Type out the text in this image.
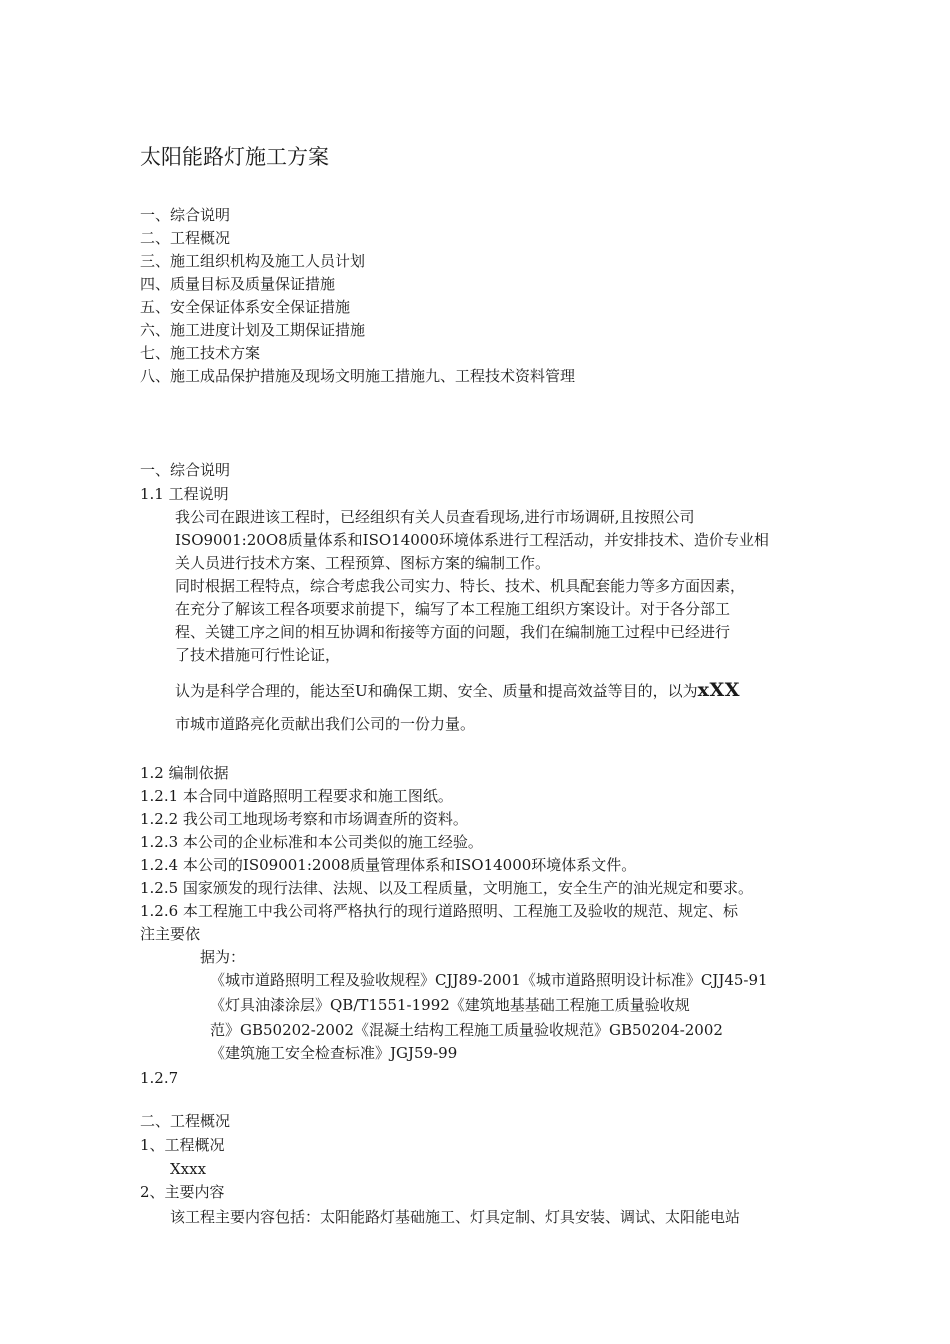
太阳能路灯施工方案
一、综合说明
二、工程概况
三、施工组织机构及施工人员计划
四、质量目标及质量保证措施
五、安全保证体系安全保证措施
六、施工进度计划及工期保证措施
七、施工技术方案
八、施工成品保护措施及现场文明施工措施九、工程技术资料管理
一、综合说明
1.1 工程说明
我公司在跟进该工程时，已经组织有关人员查看现场,进行市场调研,且按照公司
ISO9001:20O8质量体系和ISO14000环境体系进行工程活动，并安排技术、造价专业相
关人员进行技术方案、工程预算、图标方案的编制工作。
同时根据工程特点，综合考虑我公司实力、特长、技术、机具配套能力等多方面因素，
在充分了解该工程各项要求前提下，编写了本工程施工组织方案设计。对于各分部工
程、关键工序之间的相互协调和衔接等方面的问题，我们在编制施工过程中已经进行
了技术措施可行性论证，
认为是科学合理的，能达至U和确保工期、安全、质量和提高效益等目的，以为xXX
市城市道路亮化贡献出我们公司的一份力量。
1.2 编制依据
1.2.1 本合同中道路照明工程要求和施工图纸。
1.2.2 我公司工地现场考察和市场调查所的资料。
1.2.3 本公司的企业标准和本公司类似的施工经验。
1.2.4 本公司的IS09001:2008质量管理体系和ISO14000环境体系文件。
1.2.5 国家颁发的现行法律、法规、以及工程质量，文明施工，安全生产的油光规定和要求。
1.2.6 本工程施工中我公司将严格执行的现行道路照明、工程施工及验收的规范、规定、标
注主要依
据为：
《城市道路照明工程及验收规程》CJJ89-2001《城市道路照明设计标准》CJJ45-91
《灯具油漆涂层》QB/T1551-1992《建筑地基基础工程施工质量验收规
范》GB50202-2002《混凝土结构工程施工质量验收规范》GB50204-2002
《建筑施工安全检查标准》JGJ59-99
1.2.7
二、工程概况
1、工程概况
Xxxx
2、主要内容
该工程主要内容包括：太阳能路灯基础施工、灯具定制、灯具安装、调试、太阳能电站
